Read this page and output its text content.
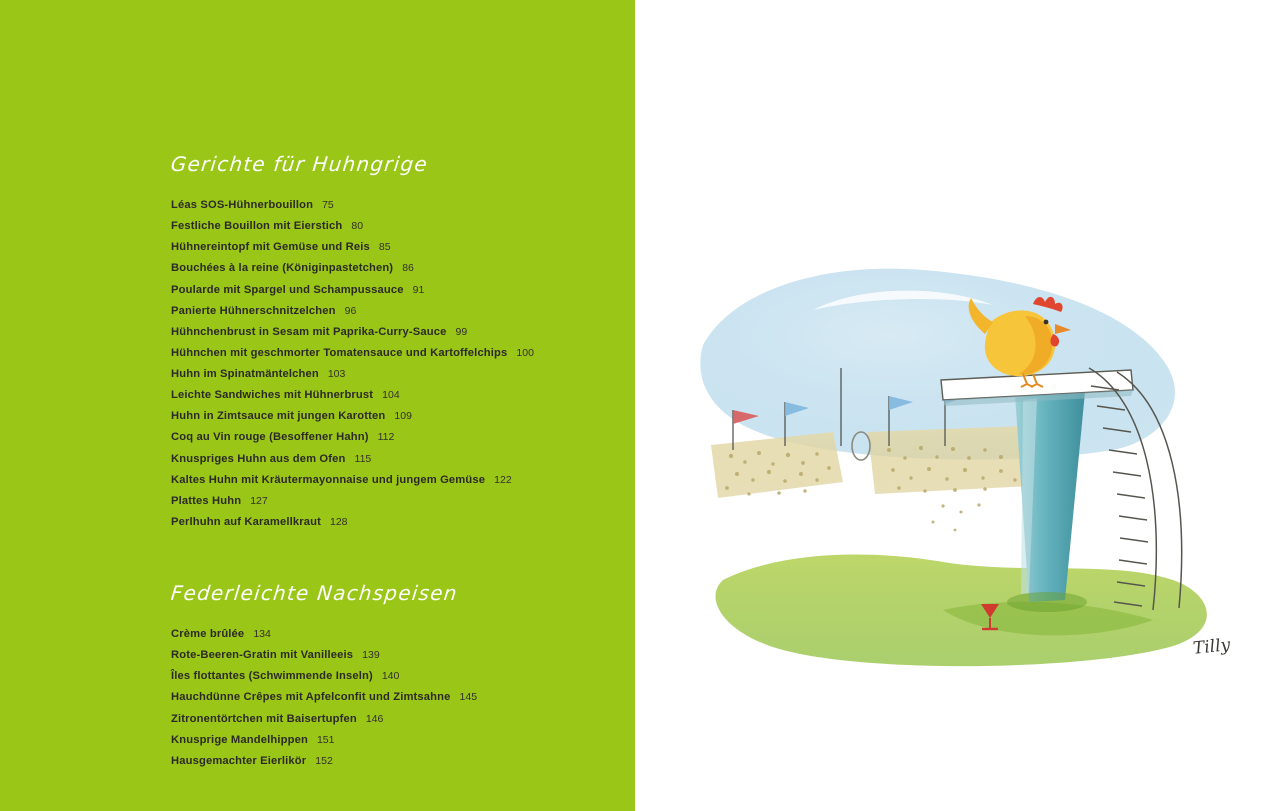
Gerichte für Huhngrige
Léas SOS-Hühnerbouillon 75
Festliche Bouillon mit Eierstich 80
Hühnereintopf mit Gemüse und Reis 85
Bouchées à la reine (Königinpastetchen) 86
Poularde mit Spargel und Schampussauce 91
Panierte Hühnerschnitzelchen 96
Hühnchenbrust in Sesam mit Paprika-Curry-Sauce 99
Hühnchen mit geschmorter Tomatensauce und Kartoffelchips 100
Huhn im Spinatmäntelchen 103
Leichte Sandwiches mit Hühnerbrust 104
Huhn in Zimtsauce mit jungen Karotten 109
Coq au Vin rouge (Besoffener Hahn) 112
Knuspriges Huhn aus dem Ofen 115
Kaltes Huhn mit Kräutermayonnaise und jungem Gemüse 122
Plattes Huhn 127
Perlhuhn auf Karamellkraut 128
Federleichte Nachspeisen
Crème brûlée 134
Rote-Beeren-Gratin mit Vanilleeis 139
Îles flottantes (Schwimmende Inseln) 140
Hauchdünne Crêpes mit Apfelconfit und Zimtsahne 145
Zitronentörtchen mit Baisertupfen 146
Knusprige Mandelhippen 151
Hausgemachter Eierlikör 152
Tilly
